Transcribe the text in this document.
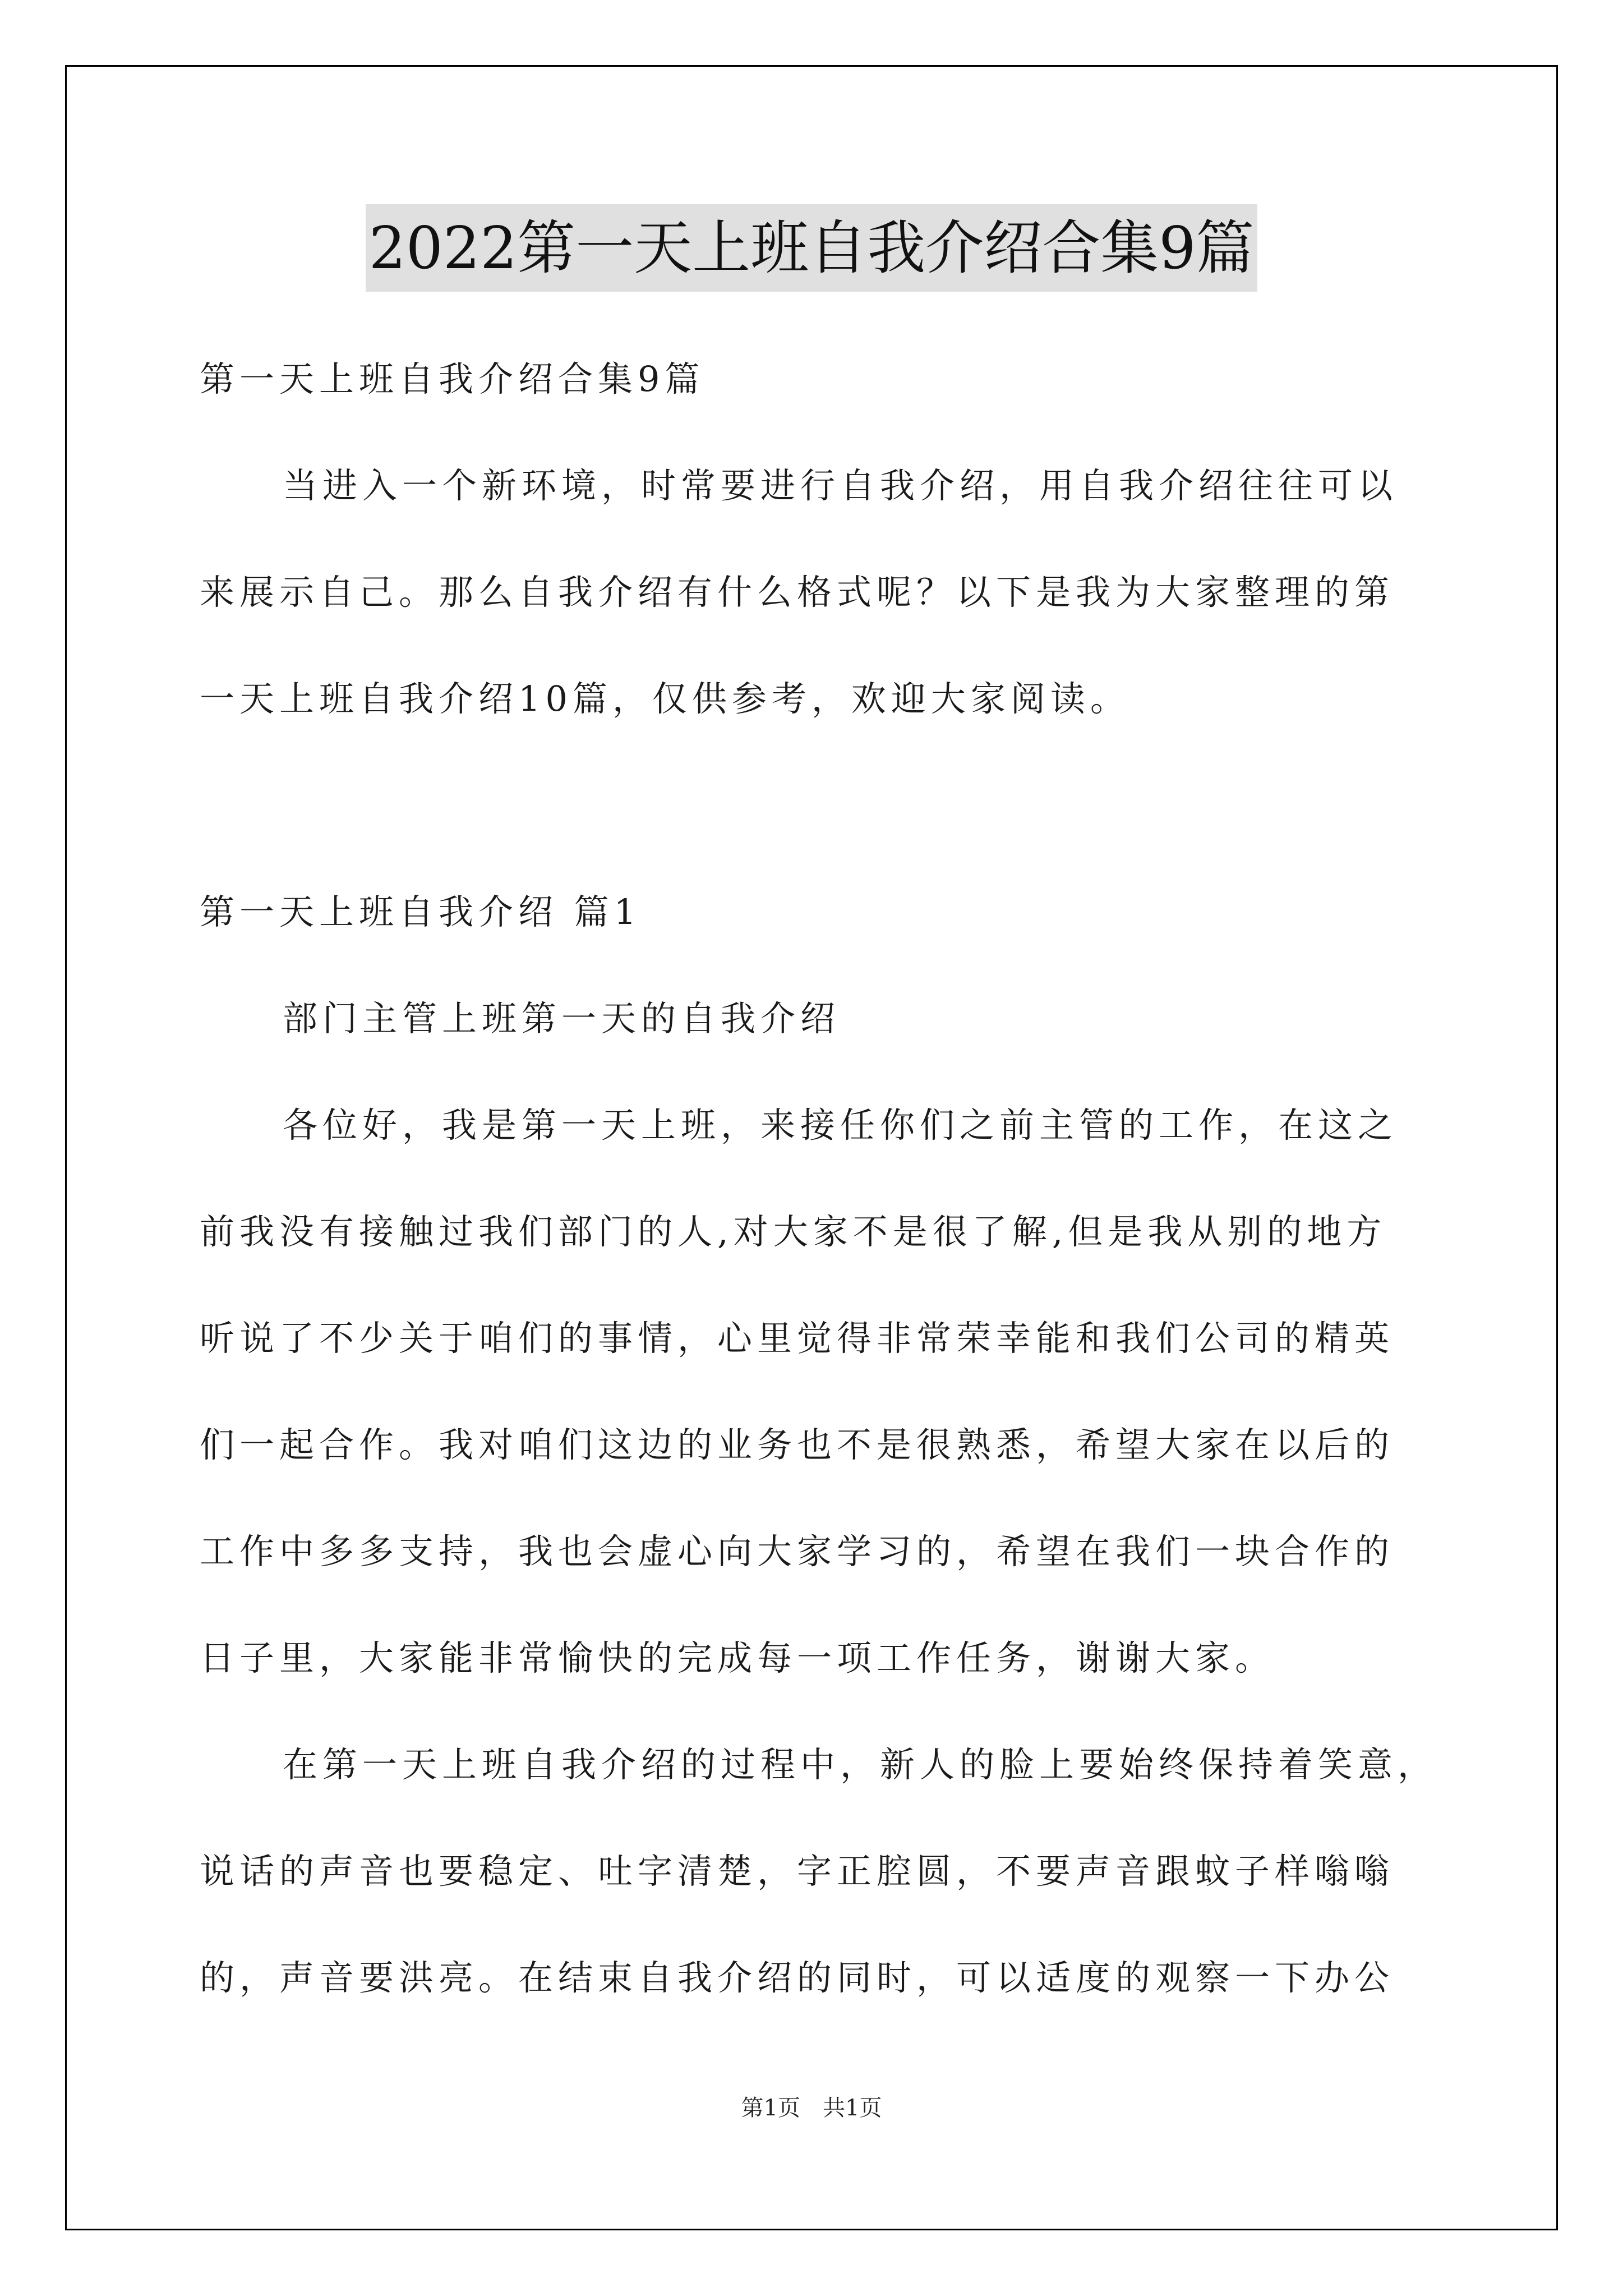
2022第一天上班自我介绍合集9篇
第一天上班自我介绍合集9篇
当进入一个新环境，时常要进行自我介绍，用自我介绍往往可以
来展示自己。那么自我介绍有什么格式呢？以下是我为大家整理的第
一天上班自我介绍10篇，仅供参考，欢迎大家阅读。
第一天上班自我介绍 篇1
部门主管上班第一天的自我介绍
各位好，我是第一天上班，来接任你们之前主管的工作，在这之
前我没有接触过我们部门的人,对大家不是很了解,但是我从别的地方
听说了不少关于咱们的事情，心里觉得非常荣幸能和我们公司的精英
们一起合作。我对咱们这边的业务也不是很熟悉，希望大家在以后的
工作中多多支持，我也会虚心向大家学习的，希望在我们一块合作的
日子里，大家能非常愉快的完成每一项工作任务，谢谢大家。
在第一天上班自我介绍的过程中，新人的脸上要始终保持着笑意，
说话的声音也要稳定、吐字清楚，字正腔圆，不要声音跟蚊子样嗡嗡
的，声音要洪亮。在结束自我介绍的同时，可以适度的观察一下办公
第1页　共1页
